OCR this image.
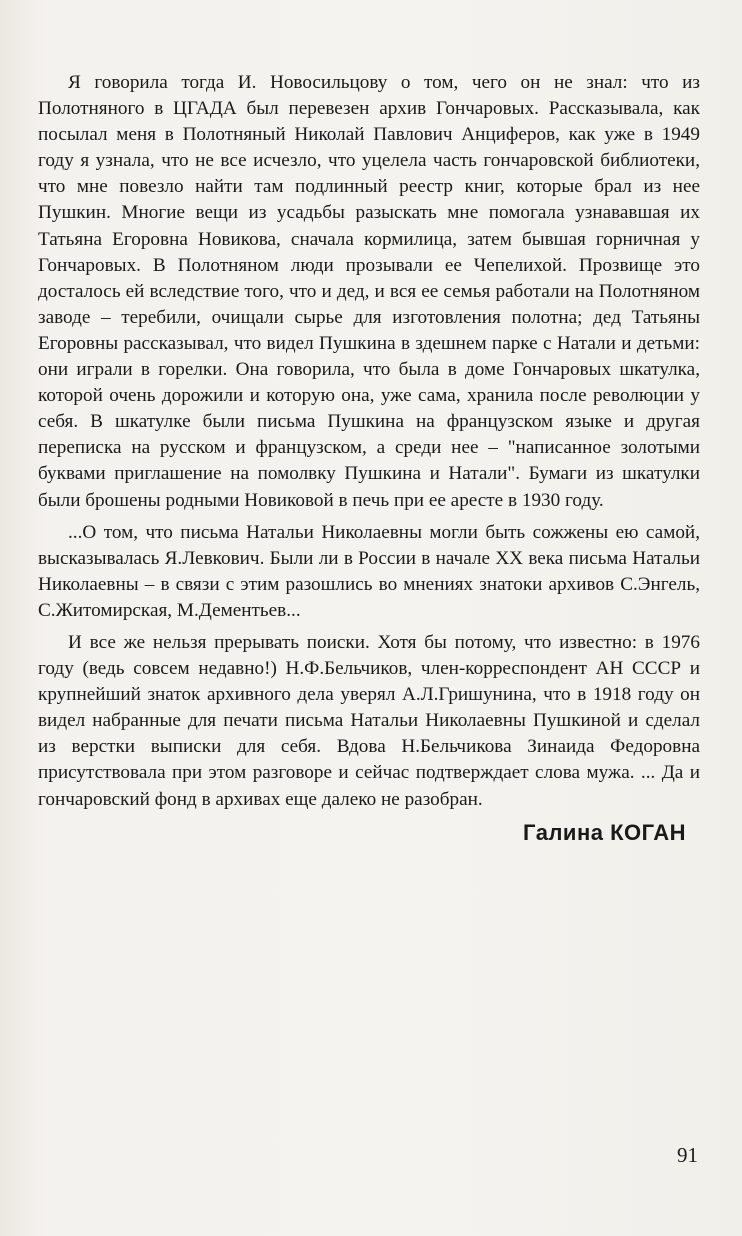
Я говорила тогда И. Новосильцову о том, чего он не знал: что из Полотняного в ЦГАДА был перевезен архив Гончаровых. Рассказывала, как посылал меня в Полотняный Николай Павлович Анциферов, как уже в 1949 году я узнала, что не все исчезло, что уцелела часть гончаровской библиотеки, что мне повезло найти там подлинный реестр книг, которые брал из нее Пушкин. Многие вещи из усадьбы разыскать мне помогала узнававшая их Татьяна Егоровна Новикова, сначала кормилица, затем бывшая горничная у Гончаровых. В Полотняном люди прозывали ее Чепелихой. Прозвище это досталось ей вследствие того, что и дед, и вся ее семья работали на Полотняном заводе – теребили, очищали сырье для изготовления полотна; дед Татьяны Егоровны рассказывал, что видел Пушкина в здешнем парке с Натали и детьми: они играли в горелки. Она говорила, что была в доме Гончаровых шкатулка, которой очень дорожили и которую она, уже сама, хранила после революции у себя. В шкатулке были письма Пушкина на французском языке и другая переписка на русском и французском, а среди нее – "написанное золотыми буквами приглашение на помолвку Пушкина и Натали". Бумаги из шкатулки были брошены родными Новиковой в печь при ее аресте в 1930 году.

...О том, что письма Натальи Николаевны могли быть сожжены ею самой, высказывалась Я.Левкович. Были ли в России в начале XX века письма Натальи Николаевны – в связи с этим разошлись во мнениях знатоки архивов С.Энгель, С.Житомирская, М.Дементьев...

И все же нельзя прерывать поиски. Хотя бы потому, что известно: в 1976 году (ведь совсем недавно!) Н.Ф.Бельчиков, член-корреспондент АН СССР и крупнейший знаток архивного дела уверял А.Л.Гришунина, что в 1918 году он видел набранные для печати письма Натальи Николаевны Пушкиной и сделал из верстки выписки для себя. Вдова Н.Бельчикова Зинаида Федоровна присутствовала при этом разговоре и сейчас подтверждает слова мужа. ... Да и гончаровский фонд в архивах еще далеко не разобран.

Галина КОГАН
91
